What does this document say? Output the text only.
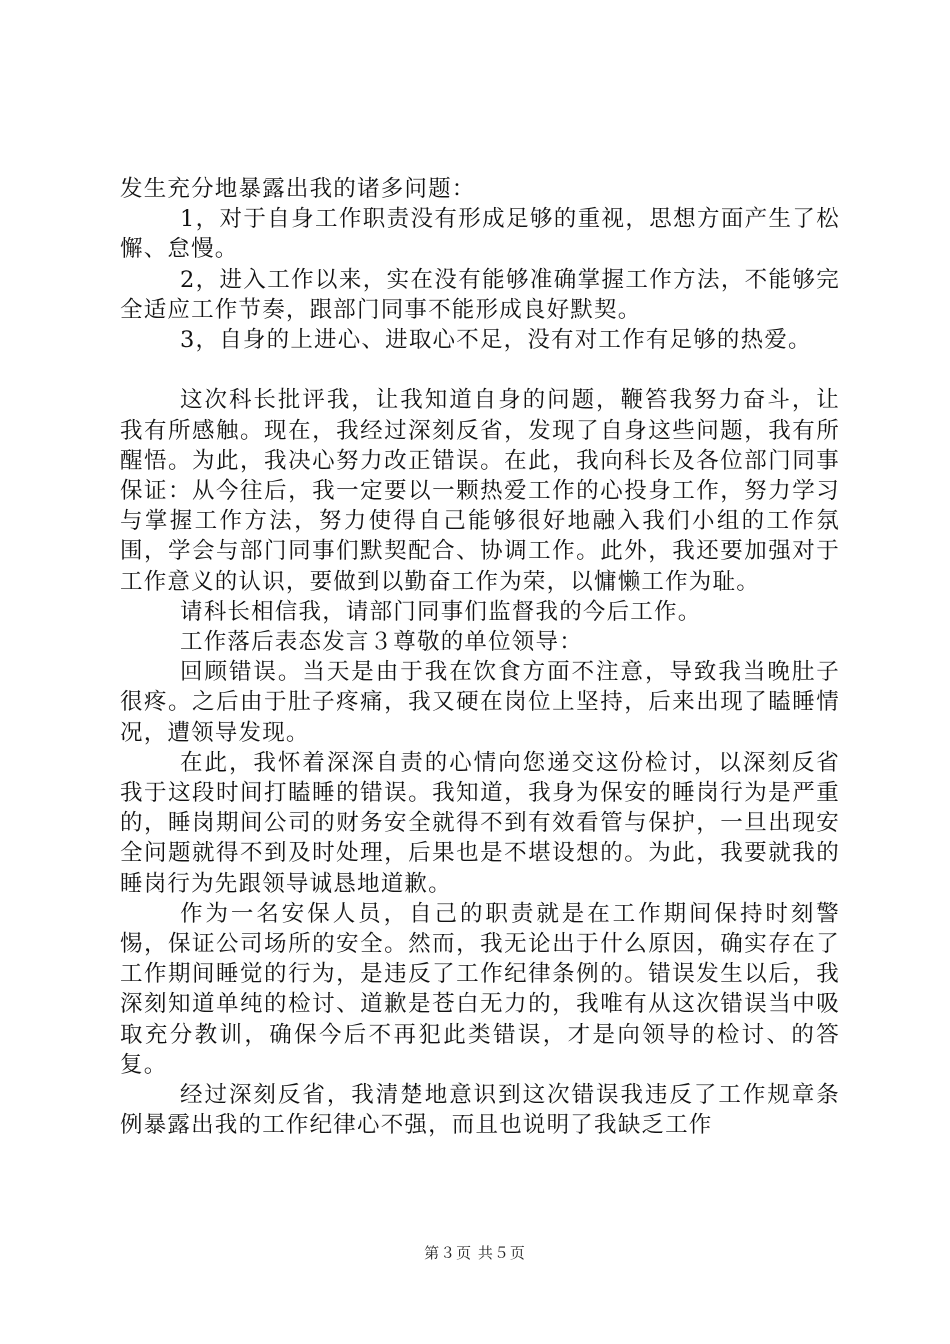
发生充分地暴露出我的诸多问题：

1，对于自身工作职责没有形成足够的重视，思想方面产生了松懈、怠慢。

2，进入工作以来，实在没有能够准确掌握工作方法，不能够完全适应工作节奏，跟部门同事不能形成良好默契。

3，自身的上进心、进取心不足，没有对工作有足够的热爱。

这次科长批评我，让我知道自身的问题，鞭笞我努力奋斗，让我有所感触。现在，我经过深刻反省，发现了自身这些问题，我有所醒悟。为此，我决心努力改正错误。在此，我向科长及各位部门同事保证：从今往后，我一定要以一颗热爱工作的心投身工作，努力学习与掌握工作方法，努力使得自己能够很好地融入我们小组的工作氛围，学会与部门同事们默契配合、协调工作。此外，我还要加强对于工作意义的认识，要做到以勤奋工作为荣，以慵懒工作为耻。

请科长相信我，请部门同事们监督我的今后工作。

工作落后表态发言３尊敬的单位领导：

回顾错误。当天是由于我在饮食方面不注意，导致我当晚肚子很疼。之后由于肚子疼痛，我又硬在岗位上坚持，后来出现了瞌睡情况，遭领导发现。

在此，我怀着深深自责的心情向您递交这份检讨，以深刻反省我于这段时间打瞌睡的错误。我知道，我身为保安的睡岗行为是严重的，睡岗期间公司的财务安全就得不到有效看管与保护，一旦出现安全问题就得不到及时处理，后果也是不堪设想的。为此，我要就我的睡岗行为先跟领导诚恳地道歉。

作为一名安保人员，自己的职责就是在工作期间保持时刻警惕，保证公司场所的安全。然而，我无论出于什么原因，确实存在了工作期间睡觉的行为，是违反了工作纪律条例的。错误发生以后，我深刻知道单纯的检讨、道歉是苍白无力的，我唯有从这次错误当中吸取充分教训，确保今后不再犯此类错误，才是向领导的检讨、的答复。

经过深刻反省，我清楚地意识到这次错误我违反了工作规章条例暴露出我的工作纪律心不强，而且也说明了我缺乏工作

第３页 共５页
